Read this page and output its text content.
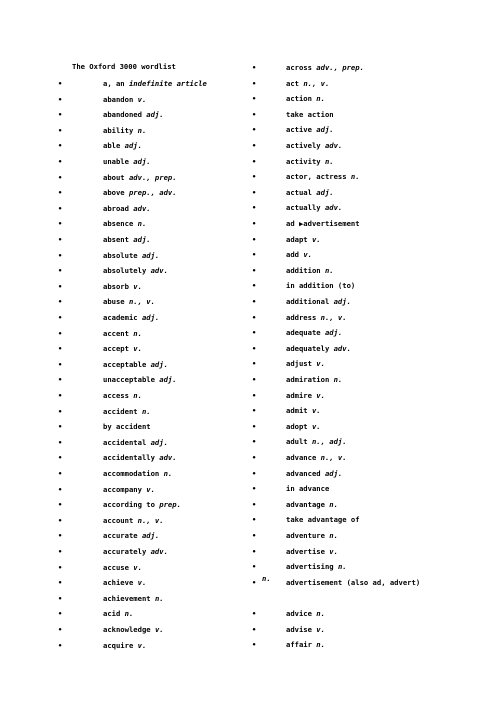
The Oxford 3000 wordlist
•	a, an indefinite article
•	abandon v.
•	abandoned adj.
•	ability n.
•	able adj.
•	unable adj.
•	about adv., prep.
•	above prep., adv.
•	abroad adv.
•	absence n.
•	absent adj.
•	absolute adj.
•	absolutely adv.
•	absorb v.
•	abuse n., v.
•	academic adj.
•	accent n.
•	accept v.
•	acceptable adj.
•	unacceptable adj.
•	access n.
•	accident n.
•	by accident
•	accidental adj.
•	accidentally adv.
•	accommodation n.
•	accompany v.
•	according to prep.
•	account n., v.
•	accurate adj.
•	accurately adv.
•	accuse v.
•	achieve v.
•	achievement n.
•	acid n.
•	acknowledge v.
•	acquire v.
•	across adv., prep.
•	act n., v.
•	action n.
•	take action
•	active adj.
•	actively adv.
•	activity n.
•	actor, actress n.
•	actual adj.
•	actually adv.
•	ad ▶advertisement
•	adapt v.
•	add v.
•	addition n.
•	in addition (to)
•	additional adj.
•	address n., v.
•	adequate adj.
•	adequately adv.
•	adjust v.
•	admiration n.
•	admire v.
•	admit v.
•	adopt v.
•	adult n., adj.
•	advance n., v.
•	advanced adj.
•	in advance
•	advantage n.
•	take advantage of
•	adventure n.
•	advertise v.
•	advertising n.
•	advertisement (also ad, advert)
•	advice n.
•	advise v.
•	affair n.
n.
